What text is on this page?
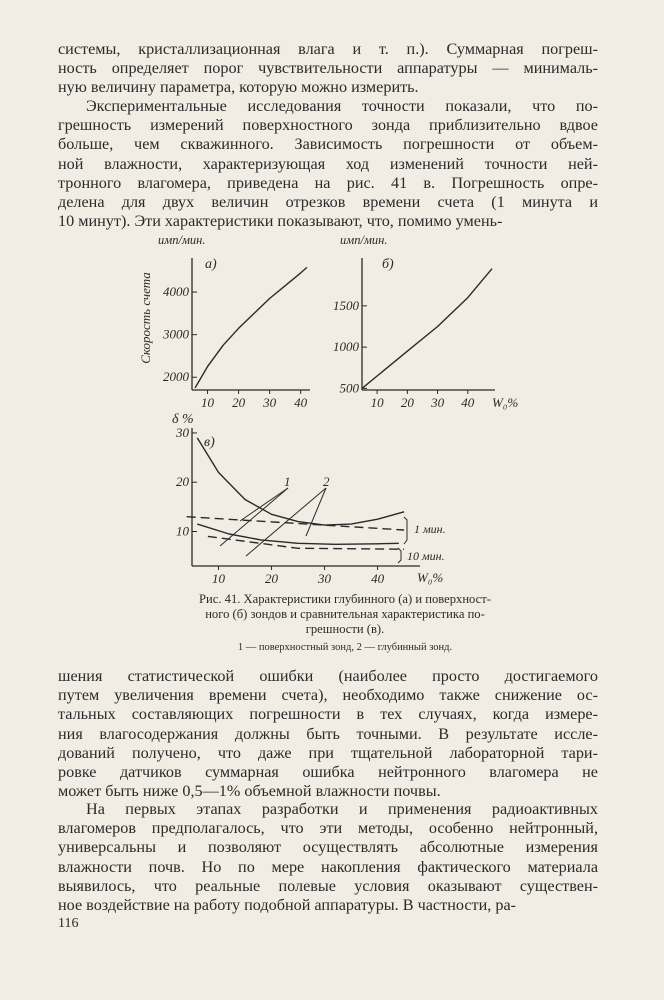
системы, кристаллизационная влага и т. п.). Суммарная погреш-
ность определяет порог чувствительности аппаратуры — минималь-
ную величину параметра, которую можно измерить.

Экспериментальные исследования точности показали, что по-
грешность измерений поверхностного зонда приблизительно вдвое
больше, чем скважинного. Зависимость погрешности от объем-
ной влажности, характеризующая ход изменений точности ней-
тронного влагомера, приведена на рис. 41 в. Погрешность опре-
делена для двух величин отрезков времени счета (1 минута и
10 минут). Эти характеристики показывают, что, помимо умень-

имп/мин.
а)
Скорость счета
10 20 30 40
2000
3000
4000
имп/мин.
б)
W₀%
10 20 30 40
500
1000
1500
δ %
в)
W₀%
10	20	30	40
10
20
30
1	2
1 мин.
10 мин.

Рис. 41. Характеристики глубинного (а) и поверхност-
ного (б) зондов и сравнительная характеристика по-
грешности (в).

1 — поверхностный зонд, 2 — глубинный зонд.

шения статистической ошибки (наиболее просто достигаемого
путем увеличения времени счета), необходимо также снижение ос-
тальных составляющих погрешности в тех случаях, когда измере-
ния влагосодержания должны быть точными. В результате иссле-
дований получено, что даже при тщательной лабораторной тари-
ровке датчиков суммарная ошибка нейтронного влагомера не
может быть ниже 0,5—1% объемной влажности почвы.

На первых этапах разработки и применения радиоактивных
влагомеров предполагалось, что эти методы, особенно нейтронный,
универсальны и позволяют осуществлять абсолютные измерения
влажности почв. Но по мере накопления фактического материала
выявилось, что реальные полевые условия оказывают существен-
ное воздействие на работу подобной аппаратуры. В частности, ра-

116
